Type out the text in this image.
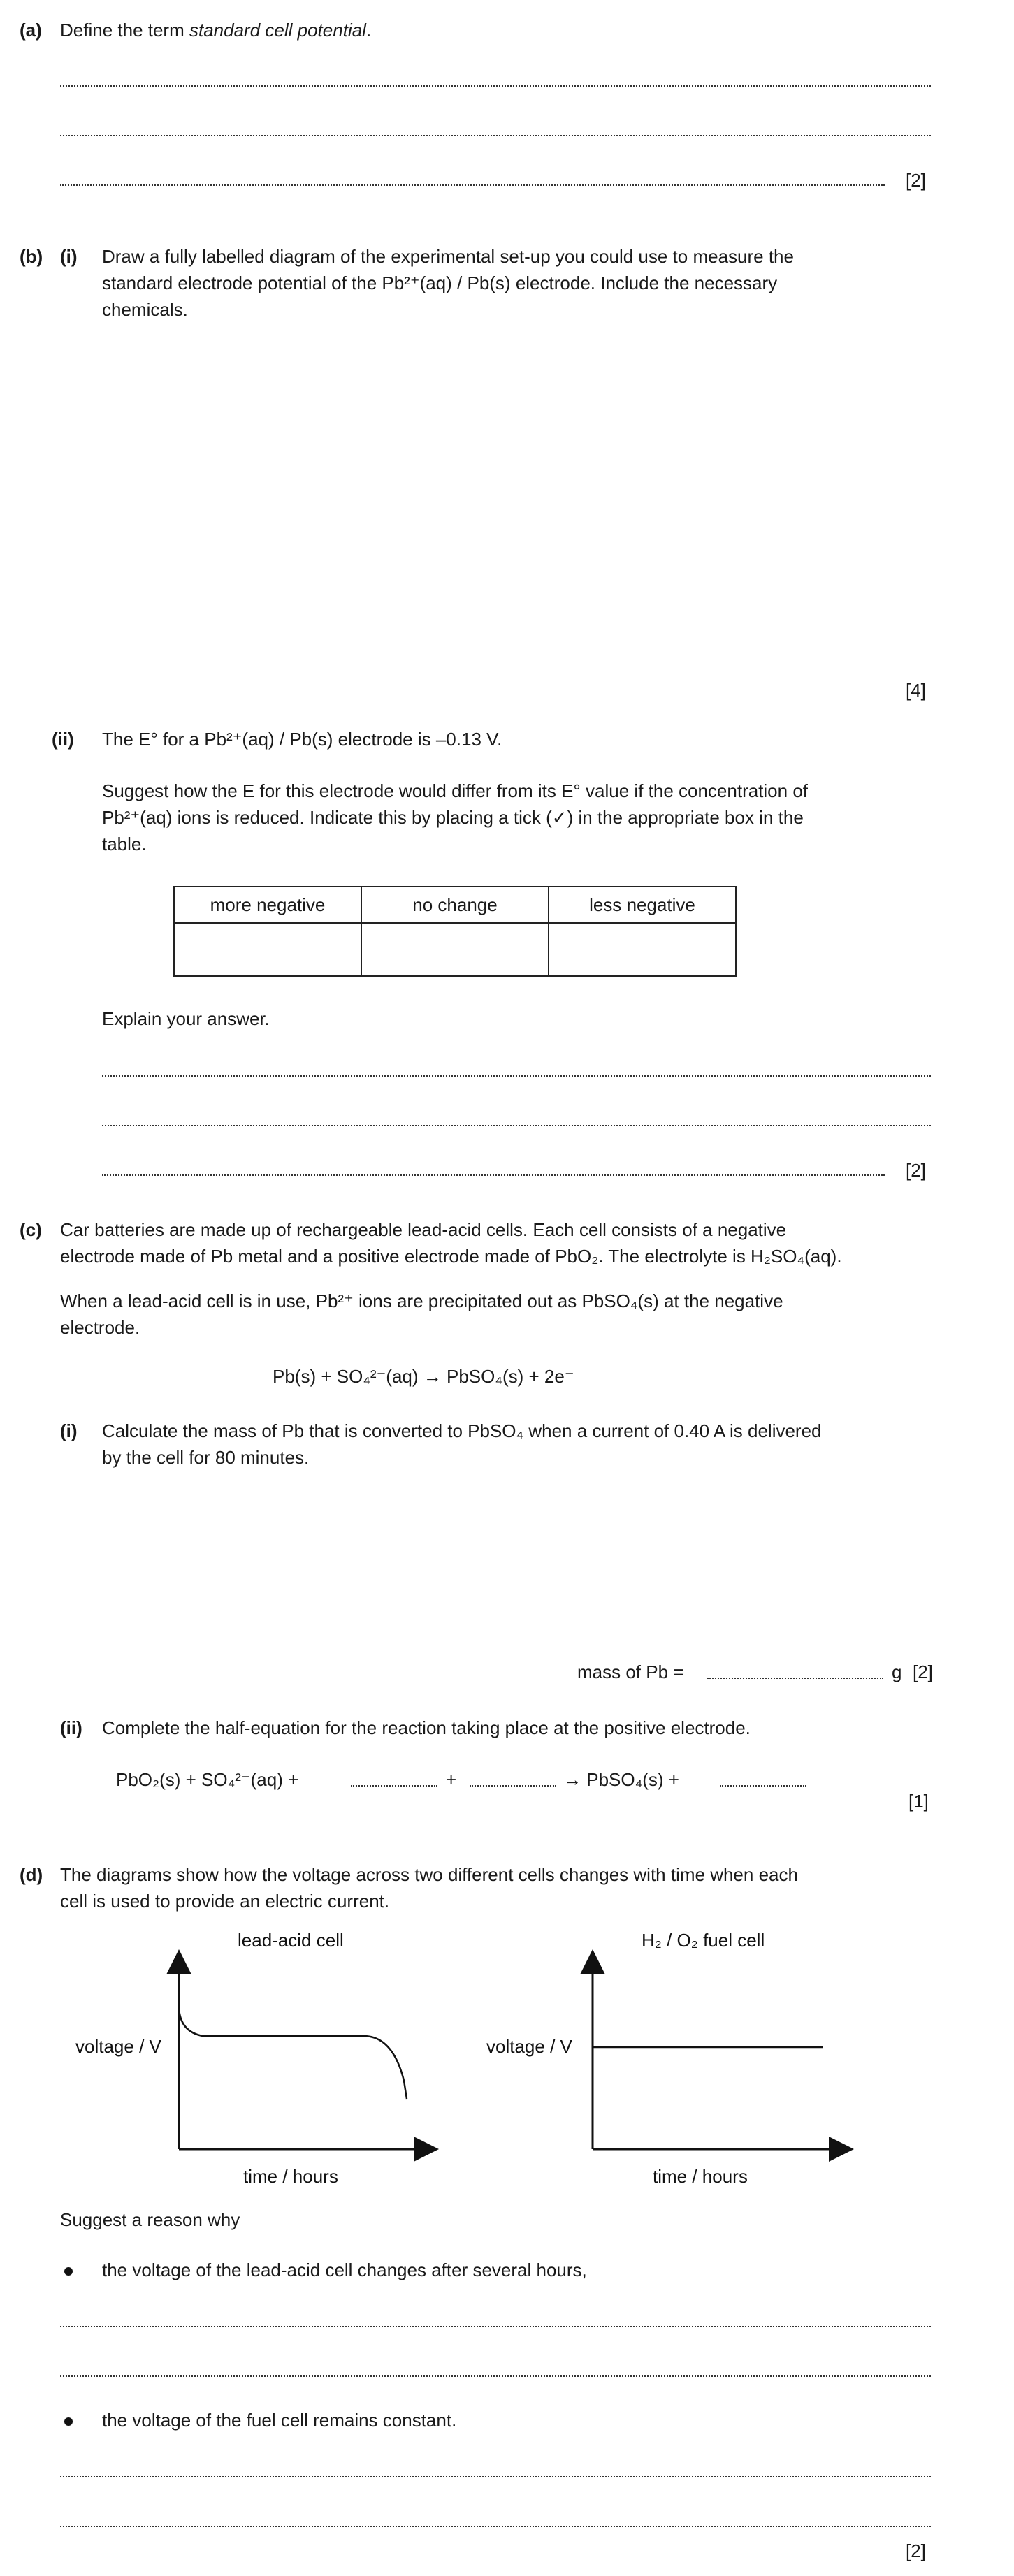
(a) Define the term standard cell potential.
[2]
(b) (i) Draw a fully labelled diagram of the experimental set-up you could use to measure the
standard electrode potential of the Pb²⁺(aq) / Pb(s) electrode. Include the necessary
chemicals.
[4]
(ii) The E° for a Pb²⁺(aq) / Pb(s) electrode is –0.13 V.
Suggest how the E for this electrode would differ from its E° value if the concentration of
Pb²⁺(aq) ions is reduced. Indicate this by placing a tick (✓) in the appropriate box in the
table.
more negative	no change	less negative

Explain your answer.
[2]
(c) Car batteries are made up of rechargeable lead-acid cells. Each cell consists of a negative
electrode made of Pb metal and a positive electrode made of PbO₂. The electrolyte is H₂SO₄(aq).
When a lead-acid cell is in use, Pb²⁺ ions are precipitated out as PbSO₄(s) at the negative
electrode.
Pb(s) + SO₄²⁻(aq) → PbSO₄(s) + 2e⁻
(i) Calculate the mass of Pb that is converted to PbSO₄ when a current of 0.40 A is delivered
by the cell for 80 minutes.
mass of Pb =	g [2]
(ii) Complete the half-equation for the reaction taking place at the positive electrode.
PbO₂(s) + SO₄²⁻(aq) +	+	→ PbSO₄(s) +
[1]
(d) The diagrams show how the voltage across two different cells changes with time when each
cell is used to provide an electric current.
lead-acid cell
voltage / V
time / hours
H₂ / O₂ fuel cell
voltage / V
time / hours
Suggest a reason why
the voltage of the lead-acid cell changes after several hours,
the voltage of the fuel cell remains constant.
[2]
